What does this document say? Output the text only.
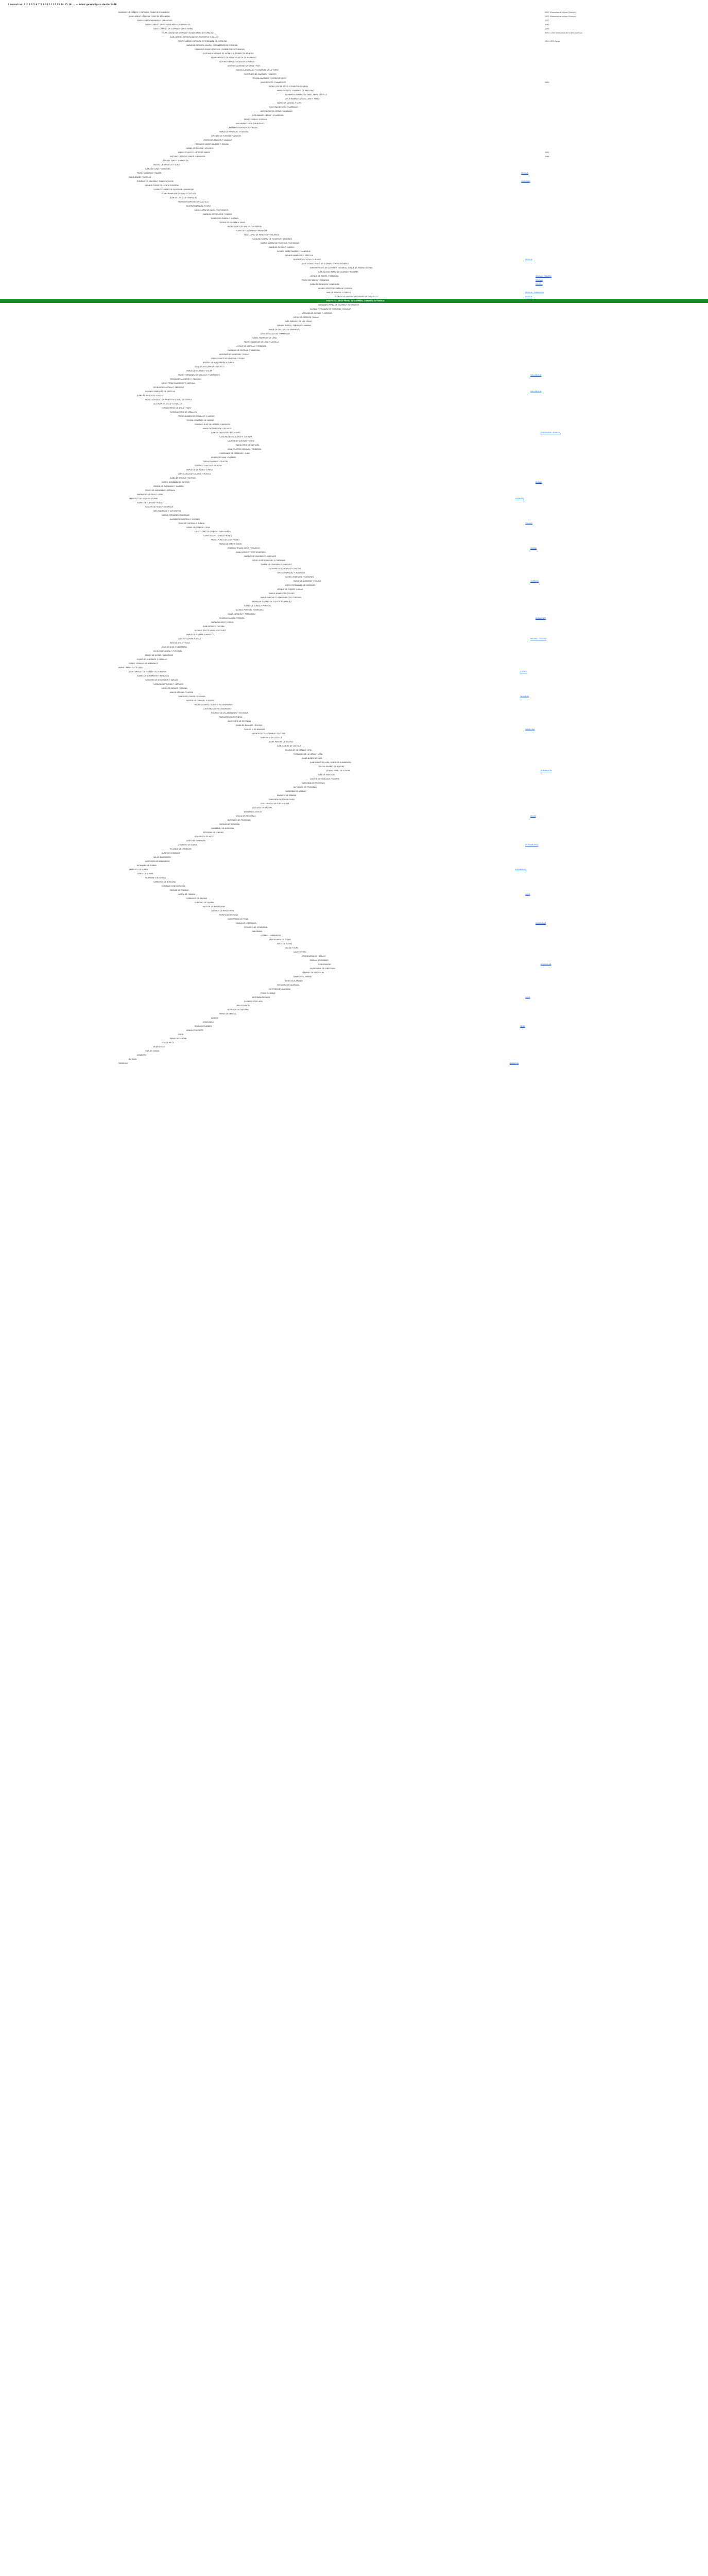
I ancestros: 1 2 3 4 5 6 7 8 9 10 11 12 13 14 15 16 ... — árbol genealógico desde 1409
DOMINGO DE CAÑEDO Y ESPINOSA Y DÍAZ DE ESCANDÓN	1507 Villanueva de la Jara (Cuenca)
JUAN CAÑEDO HERRERA Y DÍAZ DE ESCANDÓN	1507 Villanueva de la Jara (Cuenca)
DIEGO CAÑEDO HERRERA Y SAN MIGUEL	1527
DIEGO CAÑEDO SANTA MARÍA PÉREZ DE MENDOZA	1540
DIEGO CAÑEDO DE GUZMÁN Y SANTA MARÍA	1560
FELIPE CAÑEDO DE GUZMÁN Y SANTA MARÍA DE ESPINOSA	1570 / 1590 Villanueva de la Jara (Cuenca)
JUAN CAÑEDO ESPINOSA DE LOS MONTEROS Y VALLEJO
FELIPE CAÑEDO ESPINOSA Y FERNÁNDEZ DE CÓRDOBA	1600 1650 Ayapa
MARÍA DE ESPINOSA VALLEJO Y FERNÁNDEZ DE CÓRDOBA
FRANCISCO MONTES DE OCA Y MÉNDEZ DE SOTOMAYOR
JOSÉ MARÍA MÉNDEZ DE VIDÁN Y GUTIÉRREZ DE MONTES
FELIPE MÉNDEZ DE VIDÁN Y SANTOS DE ALVARADO
ALFONSO MÉNDEZ VIDÁN DE ALVARADO
ANTONIO ALVARADO DE LEÓN Y RÍOS
MANUELA ALVARADO Y GONZÁLEZ DE LA TORRE
GERTRUDIS DE ALVARADO Y VALLEJO
TERESA ALVARADO Y GÓMEZ DE SOTO
JUAN DE SOTO Y NAVARRETE	1682
PEDRO JOSÉ DE SOTO Y GÓMEZ DE LA VEGA
MARÍA DE SOTO Y RAMÍREZ DE ARELLANO
BERNARDO RAMÍREZ DE ARELLANO Y CASTILLO
LUCÍA RAMÍREZ DE ARELLANO Y PÉREZ
ISIDRO DE LA CRUZ Y SOTO
AGUSTINA DE SOTO Y CARRASCO
ANTONIO DE LA CERDA Y ALVARADO
JOSÉ MANUEL CERDA Y VILLARROEL
PEDRO CERDA Y GUZMÁN
ANA MARÍA CERDA Y MONTALVO
CAYETANO DE MONTALVO Y ROJAS
MARÍA DE MONTALVO Y FUENTES
LORENZO DE FUENTES Y ARAGÓN
CARMEN DE ARAGÓN Y SALAZAR
FRANCISCO JAVIER SALAZAR Y MOLINA
ISABEL DE MOLINA Y VELASCO
DIEGO VELASCO Y ORTIZ DE ZÁRATE	1622
ANTONIO ORTIZ DE ZÁRATE Y MENDOZA	1648
CATALINA ZÁRATE Y MENDOZA
MIGUEL DE MENDOZA Y LUNA
JUANA DE LUNA Y QUIÑONES
PEDRO QUIÑONES Y BAZÁN	SEVILLA
MARÍA BAZÁN Y GUZMÁN
RODRIGO DE GUZMÁN Y PONCE DE LEÓN	CÓRDOBA
LEONOR PONCE DE LEÓN Y FIGUEROA
LORENZO SUÁREZ DE FIGUEROA Y MANRIQUE
ELVIRA MANRIQUE DE LARA Y CASTILLA
JUAN DE CASTILLA Y ENRÍQUEZ
FADRIQUE ENRÍQUEZ DE CASTILLA
BEATRIZ ENRÍQUEZ Y HARO
DIEGO LÓPEZ DE HARO Y SOTOMAYOR
MARÍA DE SOTOMAYOR Y ZÚÑIGA
ÁLVARO DE ZÚÑIGA Y GUZMÁN
TERESA DE GUZMÁN Y AYALA
PEDRO LÓPEZ DE AYALA Y CASTAÑEDA
ELVIRA DE CASTAÑEDA Y MENDOZA
ÍÑIGO LÓPEZ DE MENDOZA Y FIGUEROA
CATALINA SUÁREZ DE FIGUEROA Y ORDÓÑEZ
GÓMEZ SUÁREZ DE FIGUEROA Y DE MESSÍA
MARÍA DE MESSÍA Y FAJARDO
ALONSO YÁÑEZ FAJARDO Y MANRIQUE
LEONOR MANRIQUE Y CASTILLA
BEATRIZ DE CASTILLA Y PONCE	SEVILLA
JUAN ALONSO PÉREZ DE GUZMÁN, CONDE DE NIEBLA
ENRIQUE PÉREZ DE GUZMÁN Y FIGUEROA, DUQUE DE MEDINA SIDONIA
JUAN ALONSO PÉREZ DE GUZMÁN Y MENESES
LEONOR DE RIBERA Y MENDOZA	SEVILLA · MADRID
PEDRO DE RIBERA Y MENDOZA	SEVILLA
JUANA DE MENDOZA Y ENRÍQUEZ	SEVILLA
ALONSO PÉREZ DE GUZMÁN Y ZÚÑIGA
ANA DE ARAGÓN Y GURREA	SEVILLA · ZARAGOZA
ALONSO DE ARAGÓN, ARZOBISPO DE ZARAGOZA	SEVILLA
BEATRIZ ALONSO PÉREZ DE GUZMÁN, CONDESA DE NIEBLA
FERNANDO PÉREZ DE GUZMÁN Y SOTOMAYOR
ALONSO FERNÁNDEZ DE CÓRDOBA Y AGUILAR
CATALINA DE AGUILAR Y HERRERA
DIEGO DE HERRERA Y AYALA
INÉS PERAZA Y DE LAS CASAS
FERNÁN PERAZA, SEÑOR DE CANARIAS
MARÍA DE LAS CASAS Y SARMIENTO
JUAN DE LAS CASAS Y MANRIQUE
ISABEL MANRIQUE DE LARA
PEDRO MANRIQUE DE LARA Y CASTILLA
LEONOR DE CASTILLA Y MENDOZA
FADRIQUE DE CASTILLA Y SANDOVAL
ALDONZA DE SANDOVAL Y ROJAS
DIEGO GÓMEZ DE SANDOVAL Y ROJAS
BEATRIZ DE AVELLANEDA Y ZÚÑIGA
JUAN DE AVELLANEDA Y VELASCO
MARÍA DE VELASCO Y SOLIER
PEDRO FERNÁNDEZ DE VELASCO Y SARMIENTO	VALLADOLID
MENCÍA DE SARMIENTO Y SALCEDO
DIEGO PÉREZ SARMIENTO Y CASTILLA
LEONOR DE CASTILLA Y ENRÍQUEZ
ALFONSO ENRÍQUEZ DE CASTILLA	VALLADOLID
JUANA DE MENDOZA Y AYALA
PEDRO GONZÁLEZ DE MENDOZA Y ORTIZ DE ZÚÑIGA
ALDONZA DE AYALA Y CEBALLOS
FERNÁN PÉREZ DE AYALA Y HARO
ELVIRA ÁLVAREZ DE CEBALLOS
PEDRO ÁLVAREZ DE CEBALLOS Y LAREDO
TERESA GONZÁLEZ DE LAREDO
GONZALO RUIZ DE LAREDO Y OBREGÓN
MARÍA DE OBREGÓN Y VELASCO
JUAN DE OBREGÓN Y ESCALANTE	SANTANDER · BURGOS
CATALINA DE ESCALANTE Y GUEVARA
LADRÓN DE GUEVARA Y ORTIZ
MARÍA ORTIZ DE GUEVARA
JUAN VÉLEZ DE GUEVARA Y MENDOZA
CONSTANZA DE MENDOZA Y LUNA
ÁLVARO DE LUNA Y FAJARDO
TERESA FAJARDO Y CHACÓN
GONZALO CHACÓN Y SALAZAR
MARÍA DE SALAZAR Y ZÚÑIGA
LOPE GARCÍA DE SALAZAR Y MÚGICA
JUANA DE MÚGICA Y BUTRÓN
GÓMEZ GONZÁLEZ DE BUTRÓN	BILBAO
MENCÍA DE AVENDAÑO Y GAMBOA
PEDRO DE AVENDAÑO Y ARTEAGA
MARINA DE ARTEAGA Y LEIVA
FRANCISCO DE LEIVA Y GUEVARA	LOGROÑO
ISABEL DE GUEVARA Y ROJAS
SANCHO DE ROJAS Y MANRIQUE
INÉS MANRIQUE Y SOTOMAYOR
GARCÍA FERNÁNDEZ MANRIQUE
AldONZA DE CASTILLA Y GUZMÁN
TELLO DE CASTILLA Y ZÚÑIGA	TOLEDO
ISABEL DE ZÚÑIGA Y LEIVA
DIEGO LÓPEZ DE ZÚÑIGA Y AVELLANEDA
ELVIRA DE AVELLANEDA Y PONCE
PEDRO PONCE DE LEÓN Y HARO
MARÍA DE HARO Y GIRÓN
RODRIGO TÉLLEZ GIRÓN Y PACHECO	OSUNA
JUAN PACHECO Y PORTOCARRERO
MARÍA PORTOCARRERO Y ENRÍQUEZ
PEDRO PORTOCARRERO Y CÁRDENAS
TERESA DE CÁRDENAS Y ENRÍQUEZ
GUTIERRE DE CÁRDENAS Y CHACÓN
TERESA ENRÍQUEZ Y ALVARADO
ALONSO ENRÍQUEZ Y QUIÑONES
MARÍA DE QUIÑONES Y TOLEDO	TORRIJOS
DIEGO FERNÁNDEZ DE QUIÑONES
LEONOR DE TOLEDO Y AYALA
GARCÍA ÁLVAREZ DE TOLEDO
MARÍA ENRÍQUEZ Y FERNÁNDEZ DE CÓRDOBA
FADRIQUE ÁLVAREZ DE TOLEDO Y ENRÍQUEZ
ISABEL DE ZÚÑIGA Y PIMENTEL
ALONSO PIMENTEL Y ENRÍQUEZ
JUANA ENRÍQUEZ Y FERNÁNDEZ
RODRIGO ALONSO PIMENTEL	BENAVENTE
MARÍA PACHECO Y GIRÓN
JUAN PACHECO Y ACUÑA
ALONSO TÉLLEZ GIRÓN Y VÁZQUEZ
MARÍA DE GUZMÁN Y MENDOZA
LUIS DE GUZMÁN Y AYALA	MADRID · TOLEDO
INÉS DE AYALA Y SILVA
JUAN DE SILVA Y CASTAÑEDA
LEONOR DE ACUÑA Y PORTUGAL
PEDRO DE ACUÑA Y ALBORNOZ
ELVIRA DE ALBORNOZ Y CARRILLO
GÓMEZ CARRILLO DE ALBORNOZ
MARÍA CARRILLO Y TOLEDO
JUAN CARRILLO DE TOLEDO Y SOTOMAYOR	CUENCA
ISABEL DE SOTOMAYOR Y MENDOZA
GUTIERRE DE SOTOMAYOR Y VARGAS
CATALINA DE VARGAS Y CÁRCAMO
DIEGO DE VARGAS Y MEDINA
ANA DE MEDINA Y LOAYSA
GARCÍA DE LOAYSA Y CARVAJAL	TALAVERA
MENCÍA DE CARVAJAL Y OSORIO
PEDRO ÁLVAREZ OSORIO Y VILLANDRANDO
CONSTANZA DE VILLANDRANDO
RODRIGO DE VILLANDRANDO Y ESTÚÑIGA
MARGARITA DE ESTÚÑIGA
ÍÑIGO ORTIZ DE ESTÚÑIGA
JUANA DE NAVARRA Y ÉVREUX
CARLOS III DE NAVARRA	PAMPLONA
LEONOR DE TRASTÁMARA Y CASTILLA
ENRIQUE II DE CASTILLA
JUANA MANUEL DE VILLENA
JUAN MANUEL DE CASTILLA
BLANCA DE LA CERDA Y LARA
FERNANDO DE LA CERDA Y LARA
JUANA NÚÑEZ DE LARA
JUAN NÚÑEZ DE LARA, SEÑOR DE ALBARRACÍN
TERESA ÁLVAREZ DE AZAGRA
ÁLVARO PÉREZ DE AZAGRA	ALBARRACÍN
INÉS DE MONCADA
GASTÓN DE MONCADA Y BEARNE
GARSENDA DE PROVENZA
ALFONSO II DE PROVENZA
GARSENDA DE SABRAN
RAINIERO DE SABRAN
GARSENDA DE FORCALQUIER
GUILLERMO IV DE FORCALQUIER
ADELAIDA DE BÉZIERS
BERNARDO ATÓN IV
CECILIA DE PROVENZA	ARLÉS
BERTRÁN II DE PROVENZA
MATILDE DE BORGOÑA
GUILLERMO DE BORGOÑA
ESTEFANÍA DE LONGWY
ADALBERTO DE METZ
JUDITH DE OHNINGEN
CONRADO DE SUABIA	ESTRASBURGO
RICLINDA DE OHNINGEN
KUNO DE OHNINGEN
IDA DE BABENBERG
LIUTPOLDO DE BABENBERG
RICHWARA DE SUABIA
ERNESTO I DE SUABIA	AUGSBURGO
GISELA DE SUABIA
HERMANN II DE SUABIA
GERBERGA DE BORGOÑA
CONRADO III DE BORGOÑA
MATILDE DE FRANCIA
LUIS IV DE FRANCIA	LAON
GERBERGA DE SAJONIA
ENRIQUE I DE SAJONIA
MATILDE DE RINGELHEIM
DIETRICH DE RINGELHEIM
REINHILDA DE FRISIA
GODOFREDO DE FRISIA
GISELA DE LOTARINGIA	AQUISGRÁN
LOTARIO II DE LOTARINGIA
WALDRADA
LOTARIO I EMPERADOR
ERMENGARDA DE TOURS
HUGO DE TOURS
AVA DE TOURS
LUDOVICO PÍO
ERMENGARDA DE HESBAYE
INGRAM DE HESBAYE
CARLOMAGNO	AQUISGRÁN
HILDEGARDA DE VINZGOUW
GERARDO DE VINZGOUW
EMMA DE ALAMANIA
NEBE DE ALAMANIA
HUOCHING DE ALAMANIA
GOTFRIED DE ALAMANIA
PIPINO EL BREVE
BERTRADA DE LAON	LAON
CARIBERTO DE LAON
CARLOS MARTEL
ROTRUDIS DE TRÉVERIS
PIPINO DE HERSTAL
ALPAIDA
ANSEGISELO
BEGGA DE LANDEN	METZ
ARNULFO DE METZ
DODA
PIPINO DE LANDEN
ITTA DE METZ
BODEGISELO
ODA DE SUABIA
ANSBERTO
BLITILDA
FERREOLO	NARBONA
